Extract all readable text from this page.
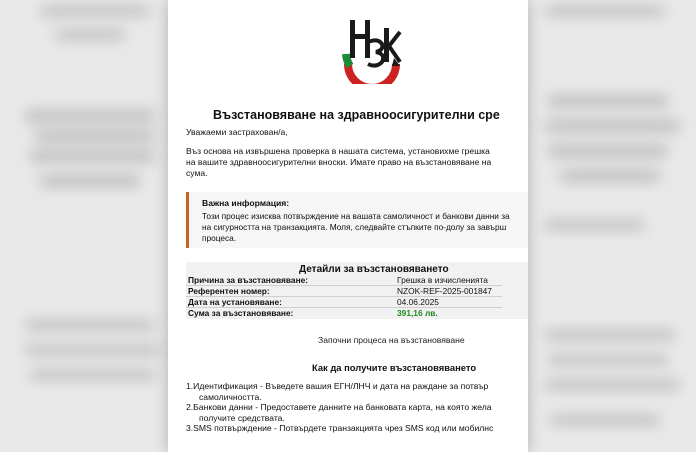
Възстановяване на здравноосигурителни сре
Уважаеми застрахован/а,
Въз основа на извършена проверка в нашата система, установихме грешка
на вашите здравноосигурителни вноски. Имате право на възстановяване на
сума.
Важна информация:
Този процес изисква потвърждение на вашата самоличност и банкови данни за
на сигурността на транзакцията. Моля, следвайте стъпките по-долу за завърш
процеса.
Детайли за възстановяването
Причина за възстановяване:	Грешка в изчисленията
Референтен номер:	NZOK-REF-2025-001847
Дата на установяване:	04.06.2025
Сума за възстановяване:	391,16 лв.
Започни процеса на възстановяване
Как да получите възстановяването
1.Идентификация - Въведете вашия ЕГН/ЛНЧ и дата на раждане за потвър
самоличността.
2.Банкови данни - Предоставете данните на банковата карта, на която жела
получите средствата.
3.SMS потвърждение - Потвърдете транзакцията чрез SMS код или мобилнс
